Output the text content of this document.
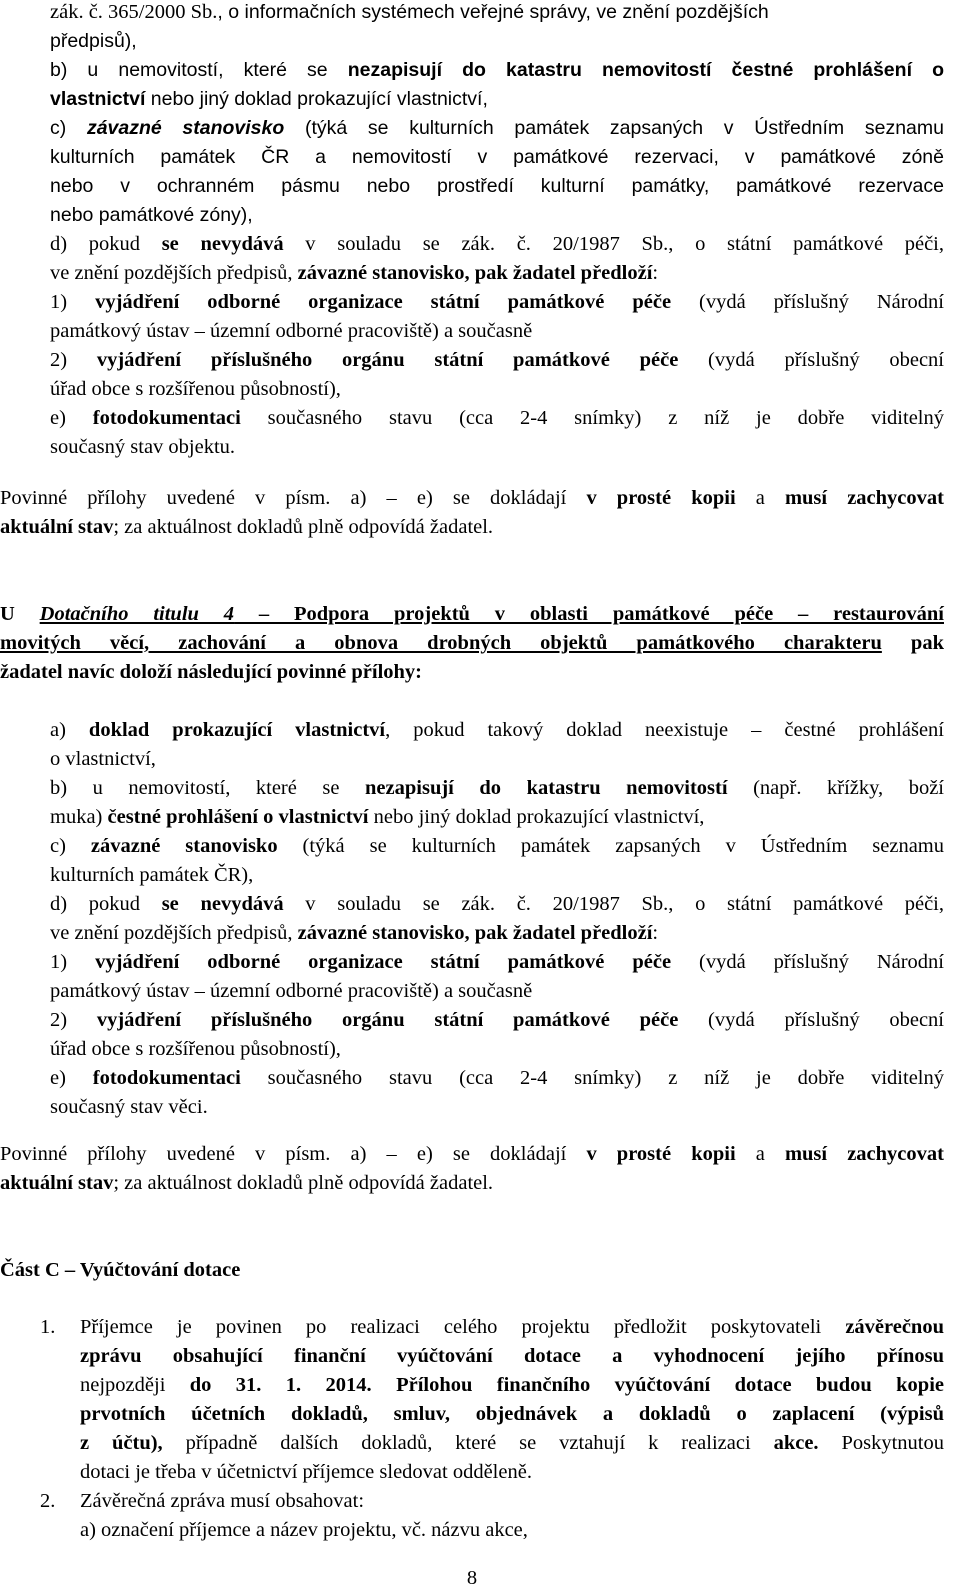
zák. č. 365/2000 Sb., o informačních systémech veřejné správy, ve znění pozdějších
předpisů),
b) u nemovitostí, které se nezapisují do katastru nemovitostí čestné prohlášení o
vlastnictví nebo jiný doklad prokazující vlastnictví,
c) závazné stanovisko (týká se kulturních památek zapsaných v Ústředním seznamu
kulturních památek ČR a nemovitostí v památkové rezervaci, v památkové zóně
nebo v ochranném pásmu nebo prostředí kulturní památky, památkové rezervace
nebo památkové zóny),
d) pokud se nevydává v souladu se zák. č. 20/1987 Sb., o státní památkové péči,
ve znění pozdějších předpisů, závazné stanovisko, pak žadatel předloží:
1) vyjádření odborné organizace státní památkové péče (vydá příslušný Národní
památkový ústav – územní odborné pracoviště) a současně
2) vyjádření příslušného orgánu státní památkové péče (vydá příslušný obecní
úřad obce s rozšířenou působností),
e) fotodokumentaci současného stavu (cca 2-4 snímky) z níž je dobře viditelný
současný stav objektu.
Povinné přílohy uvedené v písm. a) – e) se dokládají v prosté kopii a musí zachycovat
aktuální stav; za aktuálnost dokladů plně odpovídá žadatel.
U Dotačního titulu 4 – Podpora projektů v oblasti památkové péče – restaurování
movitých věcí, zachování a obnova drobných objektů památkového charakteru pak
žadatel navíc doloží následující povinné přílohy:
a) doklad prokazující vlastnictví, pokud takový doklad neexistuje – čestné prohlášení
o vlastnictví,
b) u nemovitostí, které se nezapisují do katastru nemovitostí (např. křížky, boží
muka) čestné prohlášení o vlastnictví nebo jiný doklad prokazující vlastnictví,
c) závazné stanovisko (týká se kulturních památek zapsaných v Ústředním seznamu
kulturních památek ČR),
d) pokud se nevydává v souladu se zák. č. 20/1987 Sb., o státní památkové péči,
ve znění pozdějších předpisů, závazné stanovisko, pak žadatel předloží:
1) vyjádření odborné organizace státní památkové péče (vydá příslušný Národní
památkový ústav – územní odborné pracoviště) a současně
2) vyjádření příslušného orgánu státní památkové péče (vydá příslušný obecní
úřad obce s rozšířenou působností),
e) fotodokumentaci současného stavu (cca 2-4 snímky) z níž je dobře viditelný
současný stav věci.
Povinné přílohy uvedené v písm. a) – e) se dokládají v prosté kopii a musí zachycovat
aktuální stav; za aktuálnost dokladů plně odpovídá žadatel.
Část C – Vyúčtování dotace
1. Příjemce je povinen po realizaci celého projektu předložit poskytovateli závěrečnou
zprávu obsahující finanční vyúčtování dotace a vyhodnocení jejího přínosu
nejpozději do 31. 1. 2014. Přílohou finančního vyúčtování dotace budou kopie
prvotních účetních dokladů, smluv, objednávek a dokladů o zaplacení (výpisů
z účtu), případně dalších dokladů, které se vztahují k realizaci akce. Poskytnutou
dotaci je třeba v účetnictví příjemce sledovat odděleně.
2. Závěrečná zpráva musí obsahovat:
a) označení příjemce a název projektu, vč. názvu akce,
8
